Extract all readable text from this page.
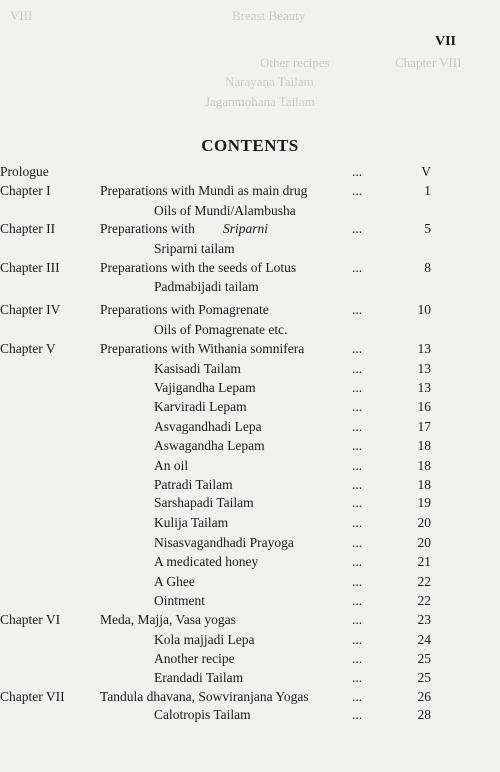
Breast Beauty
VIII
Chapter VIII
Other recipes
Narayana Tailam
Jaganmohana Tailam
VII
CONTENTS
Prologue	...	V
Chapter I	Preparations with Mundi as main drug	...	1
Oils of Mundi/Alambusha
Chapter II	Preparations with Sriparni	...	5
Sriparni tailam
Chapter III	Preparations with the seeds of Lotus	...	8
Padmabijadi tailam
Chapter IV	Preparations with Pomagrenate	...	10
Oils of Pomagrenate etc.
Chapter V	Preparations with Withania somnifera	...	13
Kasisadi Tailam	...	13
Vajigandha Lepam	...	13
Karviradi Lepam	...	16
Asvagandhadi Lepa	...	17
Aswagandha Lepam	...	18
An oil	...	18
Patradi Tailam	...	18
Sarshapadi Tailam	...	19
Kulija Tailam	...	20
Nisasvagandhadi Prayoga	...	20
A medicated honey	...	21
A Ghee	...	22
Ointment	...	22
Chapter VI	Meda, Majja, Vasa yogas	...	23
Kola majjadi Lepa	...	24
Another recipe	...	25
Erandadi Tailam	...	25
Chapter VII	Tandula dhavana, Sowviranjana Yogas	...	26
Calotropis Tailam	...	28
